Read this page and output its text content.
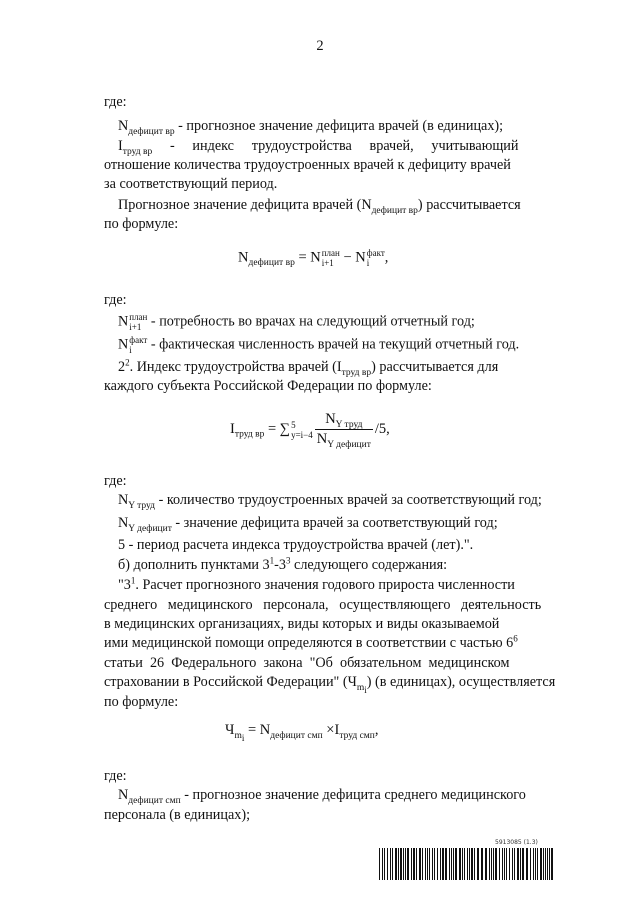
2
где:
$N_{дефицит вр}$ - прогнозное значение дефицита врачей (в единицах);
$I_{труд вр}$     -     индекс     трудоустройства     врачей,     учитывающий
отношение количества трудоустроенных врачей к дефициту врачей
за соответствующий период.
Прогнозное значение дефицита врачей $(N_{дефицит вр})$ рассчитывается
по формуле:
$N_{дефицит вр} = N$ план
i+1 − N факт
i	,
где:
N план
i+1 - потребность во врачах на следующий отчетный год;
N факт
i	- фактическая численность врачей на текущий отчетный год.
$2^2$. Индекс трудоустройства врачей $(I_{труд вр})$ рассчитывается для
каждого субъекта Российской Федерации по формуле:
$I_{труд вр}$ = ∑ 5
$y=i-4 \frac{N_{Y труд}}{N_{Y дефицит}} /5$,
где:
$N_{Y труд}$ - количество трудоустроенных врачей за соответствующий год;
$N_{Y дефицит}$ - значение дефицита врачей за соответствующий год;
5 - период расчета индекса трудоустройства врачей (лет).".
б) дополнить пунктами $3^1-3^3$ следующего содержания:
"$3^1$. Расчет прогнозного значения годового прироста численности
среднего   медицинского   персонала,   осуществляющего   деятельность
в медицинских организациях, виды которых и виды оказываемой
ими медицинской помощи определяются в соответствии с частью $6^6$
статьи  26  Федерального  закона  "Об  обязательном  медицинском
страховании в Российской Федерации" $(Ч_{m_i})$ (в единицах), осуществляется
по формуле:
$Ч_{m_i} = N_{дефицит смп} \times I_{труд смп}$,
где:
$N_{дефицит смп}$ - прогнозное значение дефицита среднего медицинского
персонала (в единицах);
5913085 (1.3)
